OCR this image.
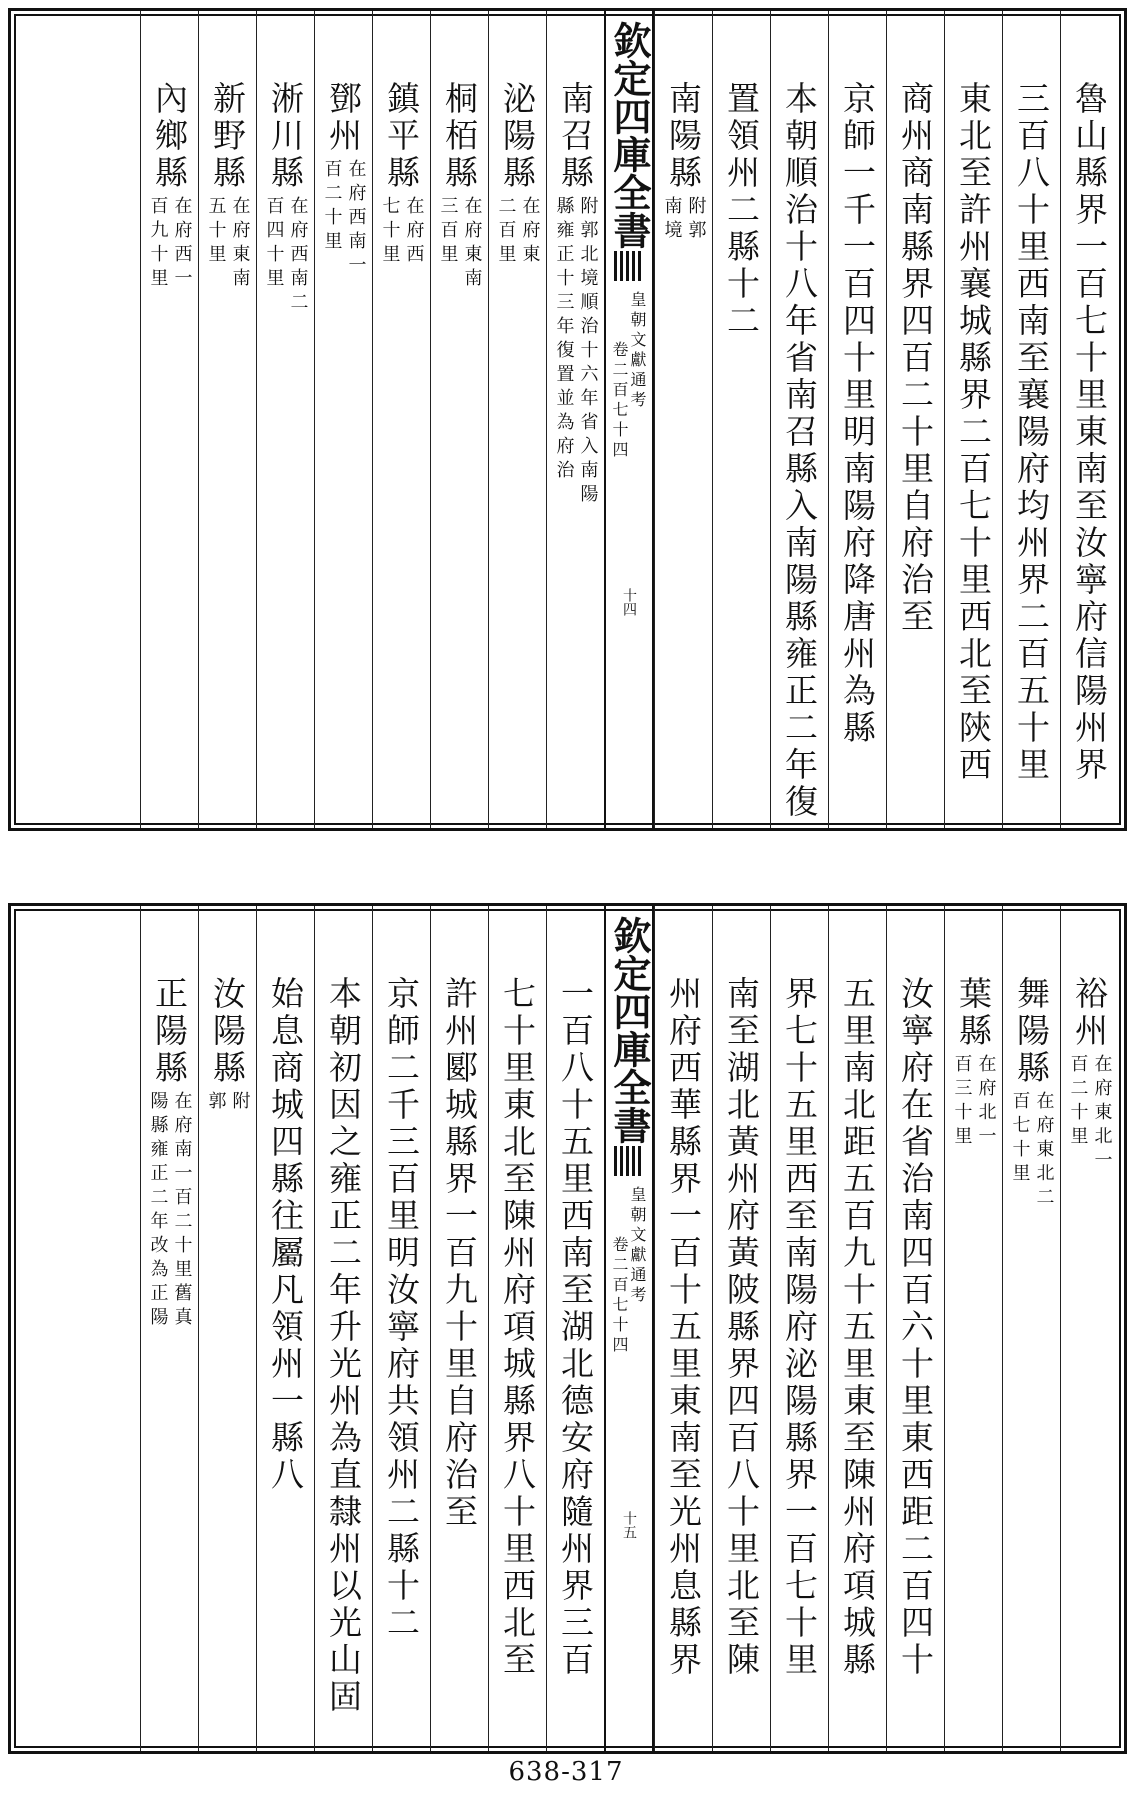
魯山縣界一百七十里東南至汝寧府信陽州界
三百八十里西南至襄陽府均州界二百五十里
東北至許州襄城縣界二百七十里西北至陝西
商州商南縣界四百二十里自府治至
京師一千一百四十里明南陽府降唐州為縣
本朝順治十八年省南召縣入南陽縣雍正二年復
置領州二縣十二
南陽縣
附郭
南境
欽定四庫全書
皇朝文獻通考
卷二百七十四
十四
南召縣
附郭北境順治十六年省入南陽
縣雍正十三年復置並為府治
泌陽縣
在府東
二百里
桐栢縣
在府東南
三百里
鎮平縣
在府西
七十里
鄧州
在府西南一
百二十里
淅川縣
在府西南二
百四十里
新野縣
在府東南
五十里
內鄉縣
在府西一
百九十里
裕州
在府東北一
百二十里
舞陽縣
在府東北二
百七十里
葉縣
在府北一
百三十里
汝寧府在省治南四百六十里東西距二百四十
五里南北距五百九十五里東至陳州府項城縣
界七十五里西至南陽府泌陽縣界一百七十里
南至湖北黃州府黃陂縣界四百八十里北至陳
州府西華縣界一百十五里東南至光州息縣界
欽定四庫全書
皇朝文獻通考
卷二百七十四
十五
一百八十五里西南至湖北德安府隨州界三百
七十里東北至陳州府項城縣界八十里西北至
許州郾城縣界一百九十里自府治至
京師二千三百里明汝寧府共領州二縣十二
本朝初因之雍正二年升光州為直隸州以光山固
始息商城四縣往屬凡領州一縣八
汝陽縣
附
郭
正陽縣
在府南一百二十里舊真
陽縣雍正二年改為正陽
638-317
